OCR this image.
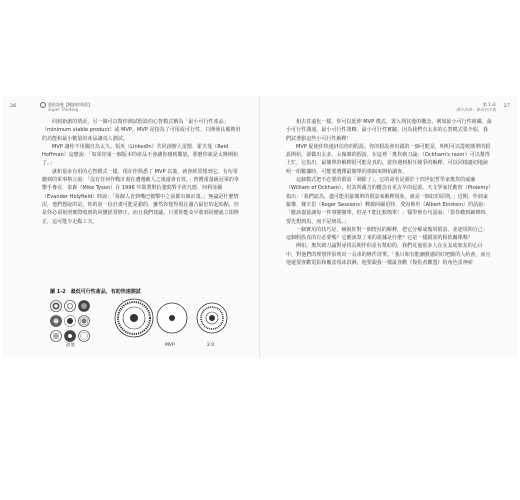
26	超級思維【暢銷經典版】
Super Thinking

回到新創的情況，另一個可以幫你測試假設的心智模式稱為「最小可行性產品」（minimum viable product）或 MVP。MVP 是指為了可用或可行性，只開發具備夠用的功能和最小數量的產品讓真人測試。

MVP 讓你不用獨自為太久。領英（LinkedIn）共同創辦人雷德．霍夫曼（Reid Hoffman）這麼說：「如果你第一個版本的產品不會讓你感到尷尬，那麼你就是太晚開始了。」

就和很多有用的心智模式一樣，現在你熟悉了 MVP 以後，就會經常想到它。有句常聽到的軍事格言說：「沒有任何作戰計畫在遭遇敵人之後還會有效。」曾獲重量級冠軍的拳擊手麥克．泰森（Mike Tyson）在 1996 年即將對抗強勁對手依凡德．何利菲爾（Evander Holyfield）時說：「每個人直到嘴巴被擊中之前都有個計畫。」無論是什麼情況，他們想說的是，你的第一份計畫可能是錯的，雖然你覺得現在適合最好的起始點，但是你必須依照實際收到的回饋經常修正。而且我們建議，只要你能及早收到回饋就立即修正，這可能少走點工夫。

圖 1-2　最低可行性產品，有助快速測試
設衰	MVP	2.0
第 1 章
減少出錯：靠出好決策
27

相去甚遠化一樣，你可以延伸 MVP 模式，置入朔其他的概念，例如最小可行性組織、最小可行性溝通、最小可行性策略、最小可行性實驗。因為我們有太多的心智模式要介紹，我們試著偷這些小可行性解釋！

MVP 促使你快速評估你的假設。你的假設會出錯的一個可能是，明明可以從較簡單的假設開始，卻做出太多、太複雜的假設。在這裡「奧坎剃刀論」（Ockham's razor）可以幫得上忙，它指出，最簡單的解釋很可能是真的。當你遇到相互競爭的解釋，可以同樣適切地說明一組數據時，可能要選擇最簡單的那個來開始調查。

這個模式把不必要的假設「剃除了」，它的命名是源於十四世紀哲學家奧坎的威廉（William of Ockham），但其所蘊含的概念有更古早的起源。天文學家托勒密（Ptolemy）指出：「我們認為，盡可能用最簡單的假設來解釋現象，就是一個好的原則。」近期，作曲家羅傑．賽辛思（Roger Sessions）釋義阿爾伯特．愛因斯坦（Albert Einstein）的話說：「應該盡量讓每一件事變簡單，但是不能比較簡單！」醫學裡有句話說：「當你聽到蹄聲時，要先想到馬，而不是斑馬。」

一個實用的技巧是，檢視你對一個情況的解釋，把它分解成幾項假設，並逐項問自己：這個假設真的有必要嗎？它應該算了來的證據是什麼？它是一樣錯誤的相依關係嗎？

例如，奧坎剃刀論對尋找長期伴侶是有幫助的，我們見過很多人在女友或朋友的心目中，對他們的理想伴侶列出一長串的條件清單。「我只和有能幽默感的紅吧臉的人約會，而且他還要喜歡電影和覆盆莓冰淇淋，他要跟我一樣最喜歡《復仇者聯盟》的角色雷神索
